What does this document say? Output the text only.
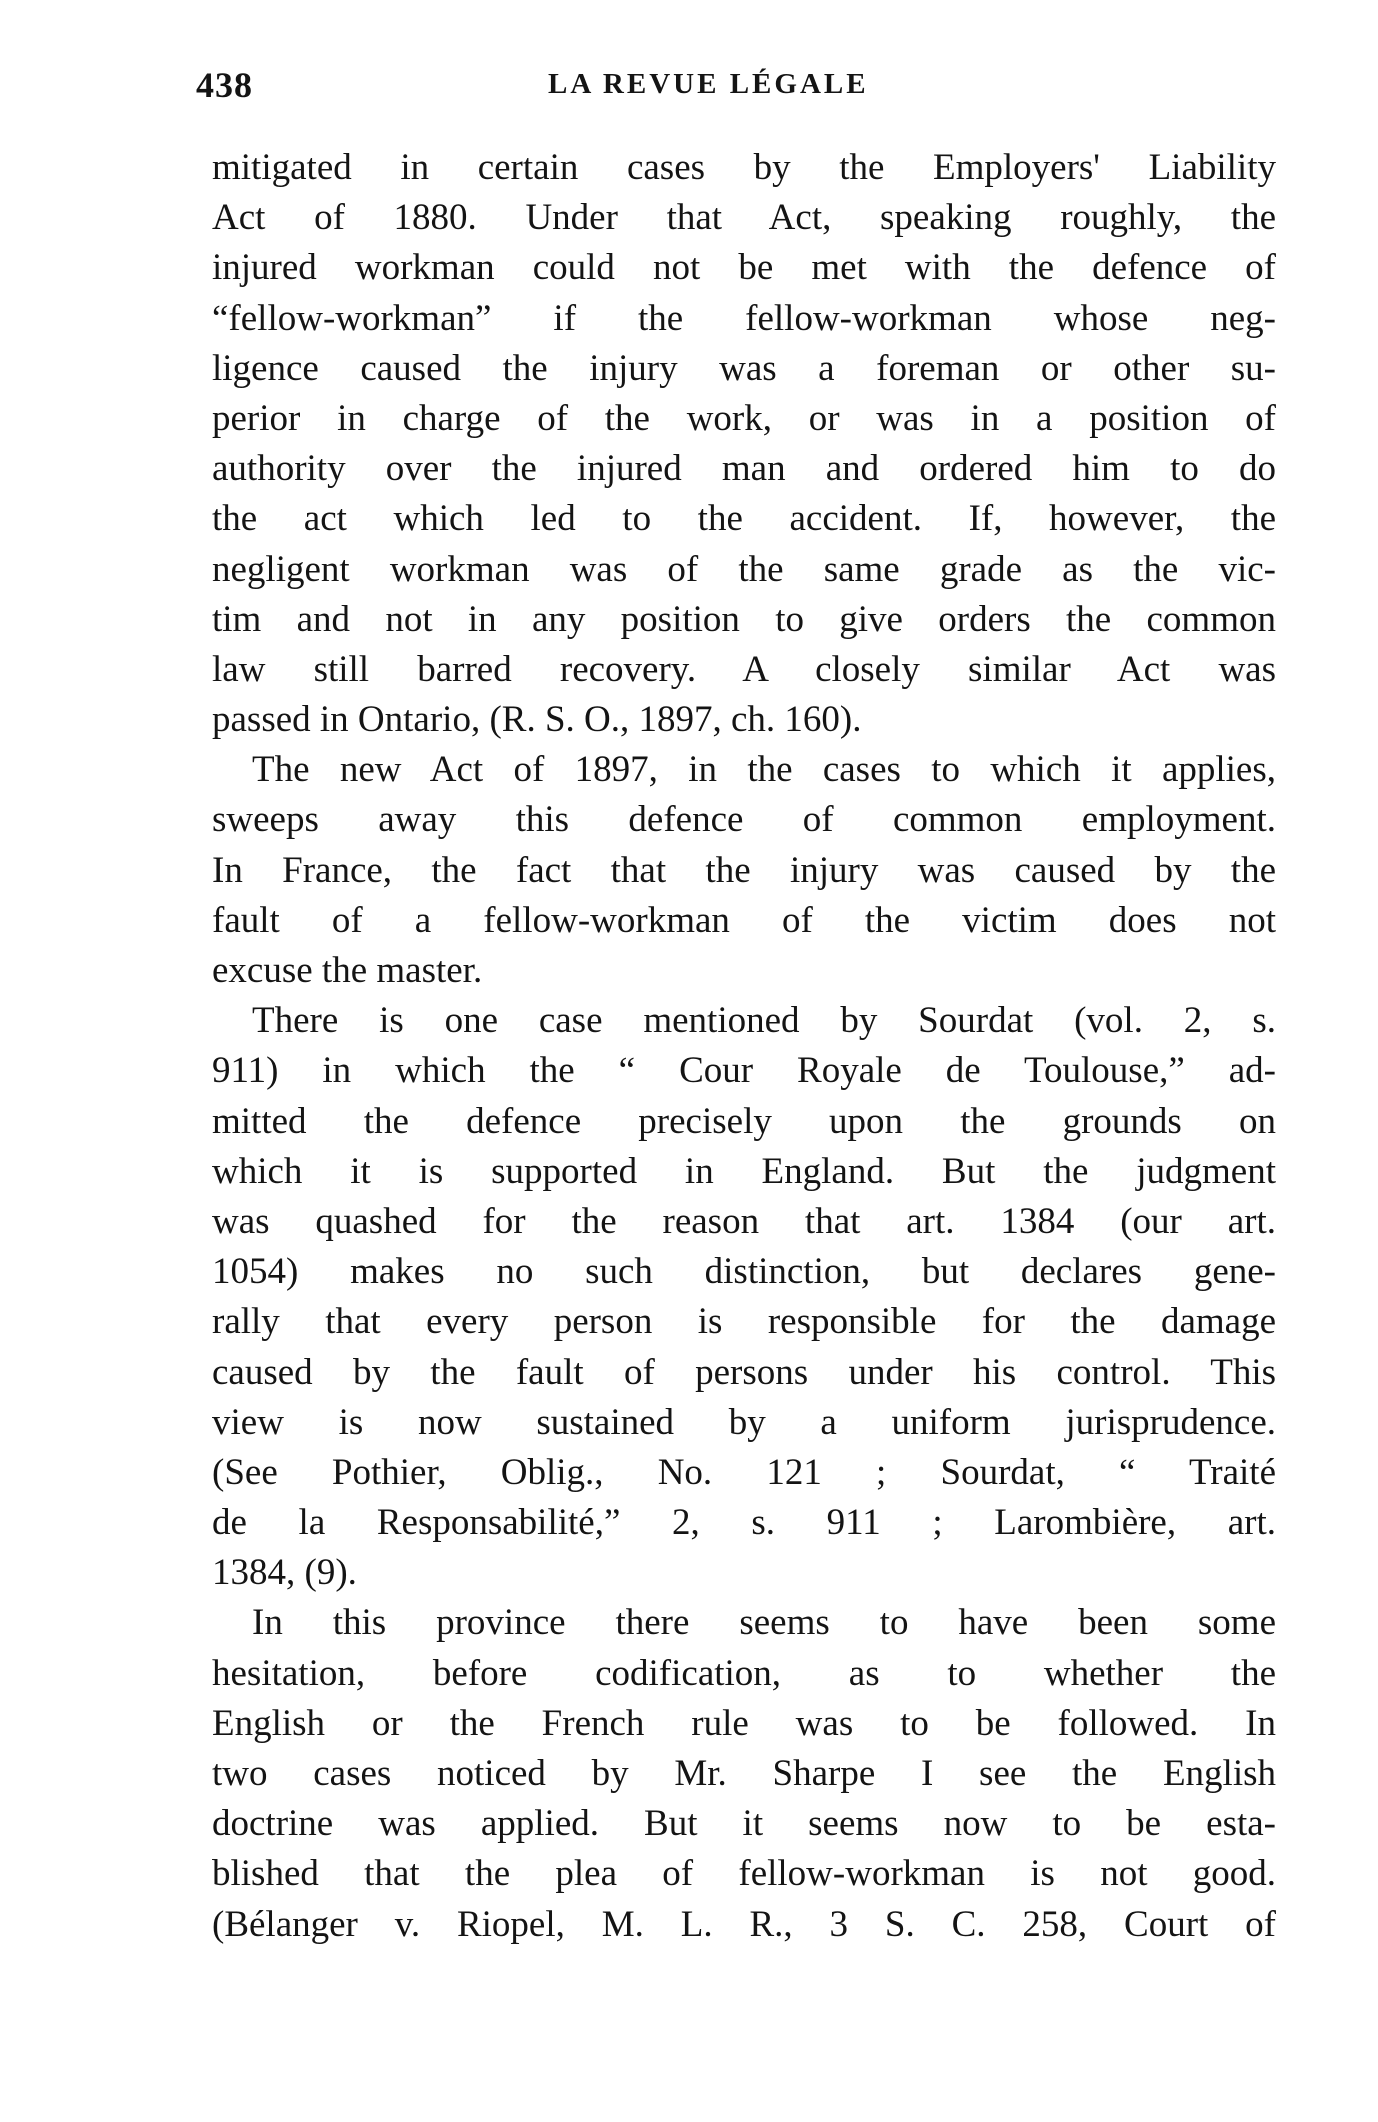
438	LA REVUE LÉGALE
mitigated in certain cases by the Employers' Liability
Act of 1880. Under that Act, speaking roughly, the
injured workman could not be met with the defence of
“fellow-workman” if the fellow-workman whose neg-
ligence caused the injury was a foreman or other su-
perior in charge of the work, or was in a position of
authority over the injured man and ordered him to do
the act which led to the accident. If, however, the
negligent workman was of the same grade as the vic-
tim and not in any position to give orders the common
law still barred recovery. A closely similar Act was
passed in Ontario, (R. S. O., 1897, ch. 160).
The new Act of 1897, in the cases to which it applies,
sweeps away this defence of common employment.
In France, the fact that the injury was caused by the
fault of a fellow-workman of the victim does not
excuse the master.
There is one case mentioned by Sourdat (vol. 2, s.
911) in which the “ Cour Royale de Toulouse,” ad-
mitted the defence precisely upon the grounds on
which it is supported in England. But the judgment
was quashed for the reason that art. 1384 (our art.
1054) makes no such distinction, but declares gene-
rally that every person is responsible for the damage
caused by the fault of persons under his control. This
view is now sustained by a uniform jurisprudence.
(See Pothier, Oblig., No. 121 ; Sourdat, “ Traité
de la Responsabilité,” 2, s. 911 ; Larombière, art.
1384, (9).
In this province there seems to have been some
hesitation, before codification, as to whether the
English or the French rule was to be followed. In
two cases noticed by Mr. Sharpe I see the English
doctrine was applied. But it seems now to be esta-
blished that the plea of fellow-workman is not good.
(Bélanger v. Riopel, M. L. R., 3 S. C. 258, Court of
